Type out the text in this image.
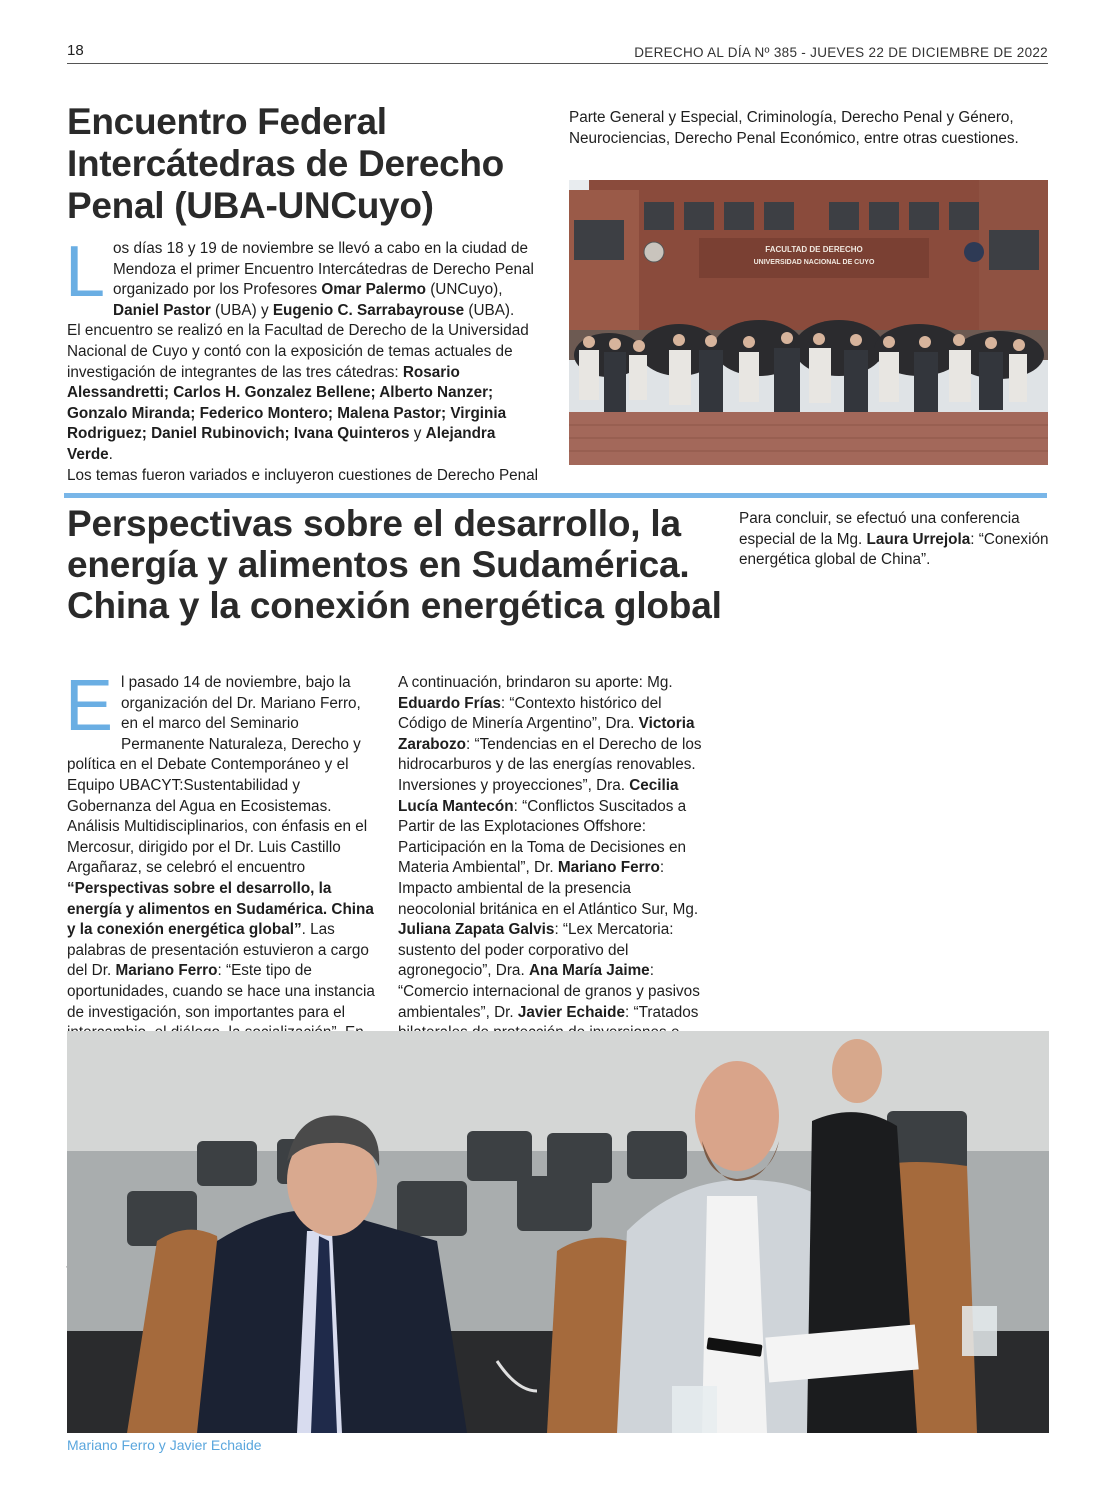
18	DERECHO AL DÍA Nº 385 - JUEVES 22 DE DICIEMBRE DE 2022
Encuentro Federal Intercátedras de Derecho Penal (UBA-UNCuyo)
L os días 18 y 19 de noviembre se llevó a cabo en la ciudad de Mendoza el primer Encuentro Intercátedras de Derecho Penal organizado por los Profesores Omar Palermo (UNCuyo), Daniel Pastor (UBA) y Eugenio C. Sarrabayrouse (UBA).

El encuentro se realizó en la Facultad de Derecho de la Universidad Nacional de Cuyo y contó con la exposición de temas actuales de investigación de integrantes de las tres cátedras: Rosario Alessandretti; Carlos H. Gonzalez Bellene; Alberto Nanzer; Gonzalo Miranda; Federico Montero; Malena Pastor; Virginia Rodriguez; Daniel Rubinovich; Ivana Quinteros y Alejandra Verde.

Los temas fueron variados e incluyeron cuestiones de Derecho Penal

Parte General y Especial, Criminología, Derecho Penal y Género, Neurociencias, Derecho Penal Económico, entre otras cuestiones.
FACULTAD DE DERECHO
UNIVERSIDAD NACIONAL DE CUYO
Perspectivas sobre el desarrollo, la energía y alimentos en Sudamérica. China y la conexión energética global
E l pasado 14 de noviembre, bajo la organización del Dr. Mariano Ferro, en el marco del Seminario Permanente Naturaleza, Derecho y política en el Debate Contemporáneo y el Equipo UBACYT:Sustentabilidad y Gobernanza del Agua en Ecosistemas. Análisis Multidisciplinarios, con énfasis en el Mercosur, dirigido por el Dr. Luis Castillo Argañaraz, se celebró el encuentro “Perspectivas sobre el desarrollo, la energía y alimentos en Sudamérica. China y la conexión energética global”. Las palabras de presentación estuvieron a cargo del Dr. Mariano Ferro: “Este tipo de oportunidades, cuando se hace una instancia de investigación, son importantes para el

A continuación, brindaron su aporte: Mg. Eduardo Frías: “Contexto histórico del Código de Minería Argentino”, Dra. Victoria Zarabozo: “Tendencias en el Derecho de los hidrocarburos y de las energías renovables. Inversiones y proyecciones”, Dra. Cecilia Lucía Mantecón: “Conflictos Suscitados a Partir de las Explotaciones Offshore: Participación en la Toma de Decisiones en Materia Ambiental”, Dr. Mariano Ferro: Impacto ambiental de la presencia neocolonial británica en el Atlántico Sur, Mg. Juliana Zapata Galvis: “Lex Mercatoria: sustento del poder corporativo del agronegocio”, Dra. Ana María Jaime: “Comercio internacional de granos y pasivos ambientales”, Dr. Javier Echaide: “Tratados

Para concluir, se efectuó una conferencia especial de la Mg. Laura Urrejola: “Conexión energética global de China”.

Mariano Ferro y Javier Echaide
